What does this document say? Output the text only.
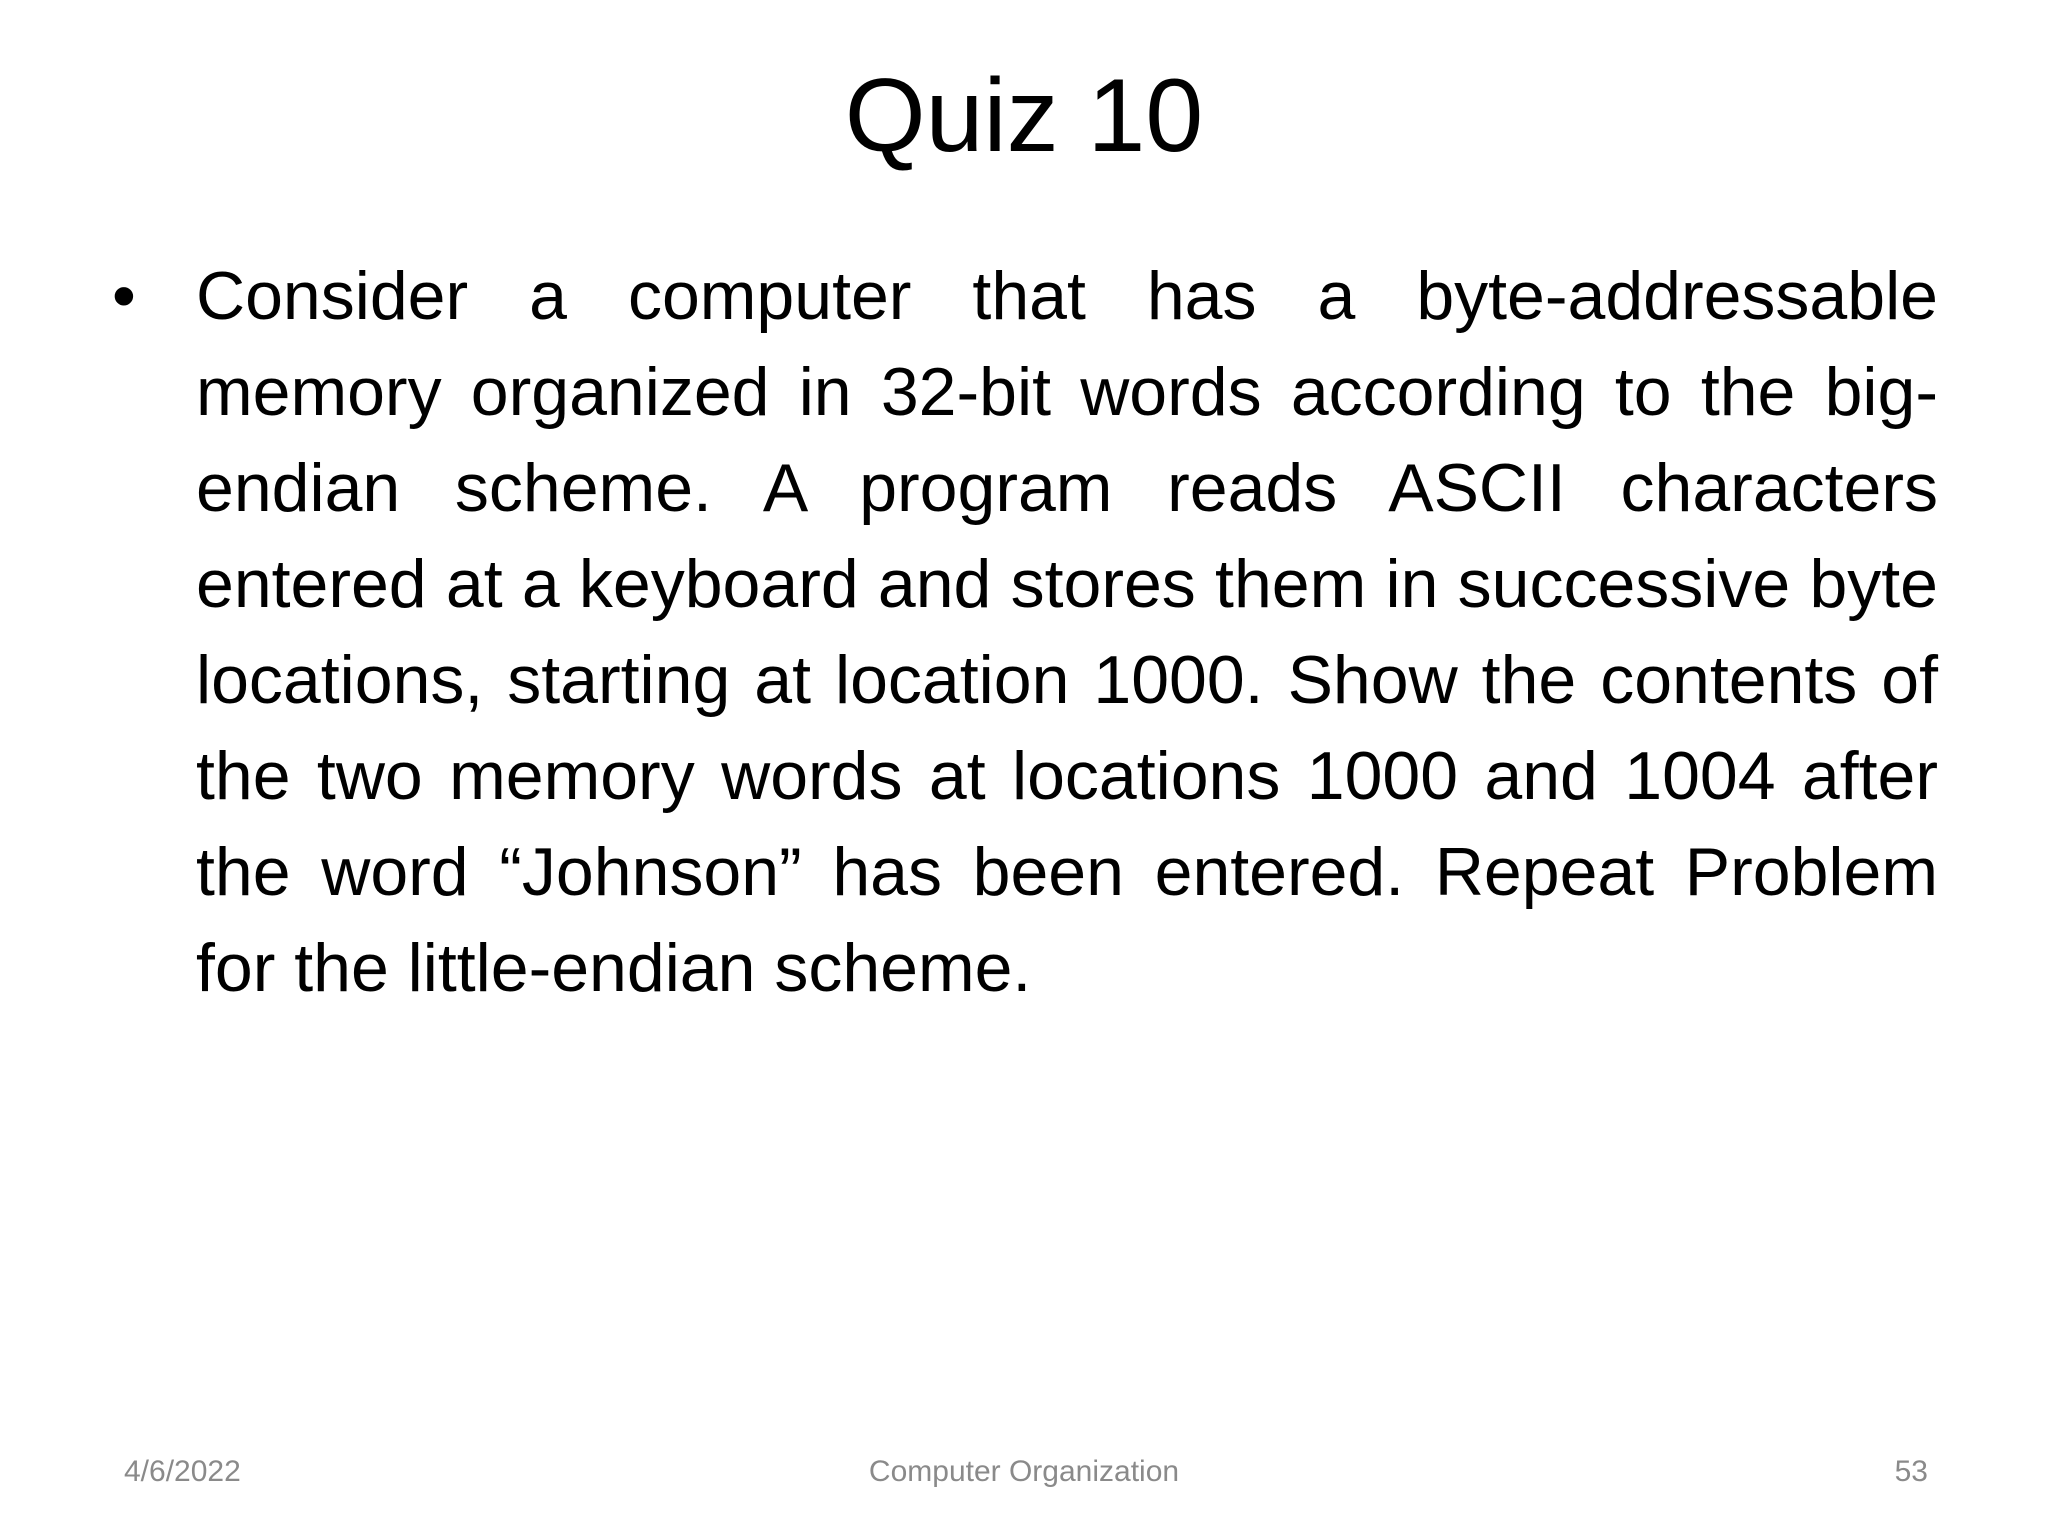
Quiz 10
• Consider a computer that has a byte-addressable memory organized in 32-bit words according to the big-endian scheme. A program reads ASCII characters entered at a keyboard and stores them in successive byte locations, starting at location 1000. Show the contents of the two memory words at locations 1000 and 1004 after the word “Johnson” has been entered. Repeat Problem for the little-endian scheme.
4/6/2022	Computer Organization	53
